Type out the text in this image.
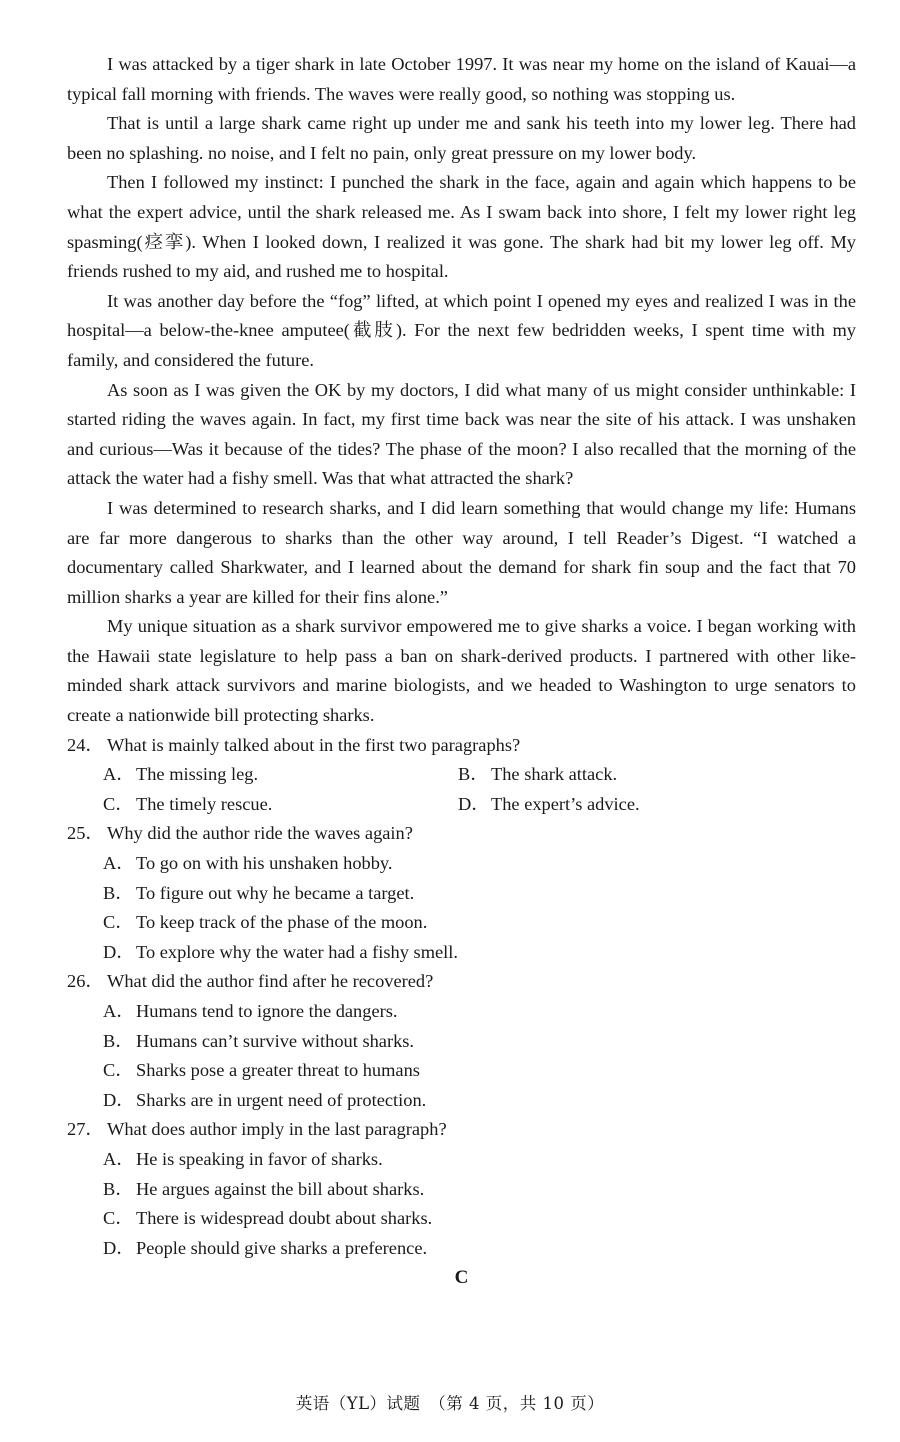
I was attacked by a tiger shark in late October 1997. It was near my home on the island of Kauai—a typical fall morning with friends. The waves were really good, so nothing was stopping us.

That is until a large shark came right up under me and sank his teeth into my lower leg. There had been no splashing. no noise, and I felt no pain, only great pressure on my lower body.

Then I followed my instinct: I punched the shark in the face, again and again which happens to be what the expert advice, until the shark released me. As I swam back into shore, I felt my lower right leg spasming(痉挛). When I looked down, I realized it was gone. The shark had bit my lower leg off. My friends rushed to my aid, and rushed me to hospital.

It was another day before the “fog” lifted, at which point I opened my eyes and realized I was in the hospital—a below-the-knee amputee(截肢). For the next few bedridden weeks, I spent time with my family, and considered the future.

As soon as I was given the OK by my doctors, I did what many of us might consider unthinkable: I started riding the waves again. In fact, my first time back was near the site of his attack. I was unshaken and curious—Was it because of the tides? The phase of the moon? I also recalled that the morning of the attack the water had a fishy smell. Was that what attracted the shark?

I was determined to research sharks, and I did learn something that would change my life: Humans are far more dangerous to sharks than the other way around, I tell Reader’s Digest. “I watched a documentary called Sharkwater, and I learned about the demand for shark fin soup and the fact that 70 million sharks a year are killed for their fins alone.”

My unique situation as a shark survivor empowered me to give sharks a voice. I began working with the Hawaii state legislature to help pass a ban on shark-derived products. I partnered with other like-minded shark attack survivors and marine biologists, and we headed to Washington to urge senators to create a nationwide bill protecting sharks.

24． What is mainly talked about in the first two paragraphs?

A．The missing leg.	B． The shark attack.

C． The timely rescue.	D．The expert’s advice.

25． Why did the author ride the waves again?

A．To go on with his unshaken hobby.

B． To figure out why he became a target.

C． To keep track of the phase of the moon.

D．To explore why the water had a fishy smell.

26． What did the author find after he recovered?

A．Humans tend to ignore the dangers.

B． Humans can’t survive without sharks.

C． Sharks pose a greater threat to humans

D．Sharks are in urgent need of protection.

27． What does author imply in the last paragraph?

A．He is speaking in favor of sharks.

B． He argues against the bill about sharks.

C． There is widespread doubt about sharks.

D．People should give sharks a preference.

C

英语（YL）试题　（第 4 页，共 10 页）
